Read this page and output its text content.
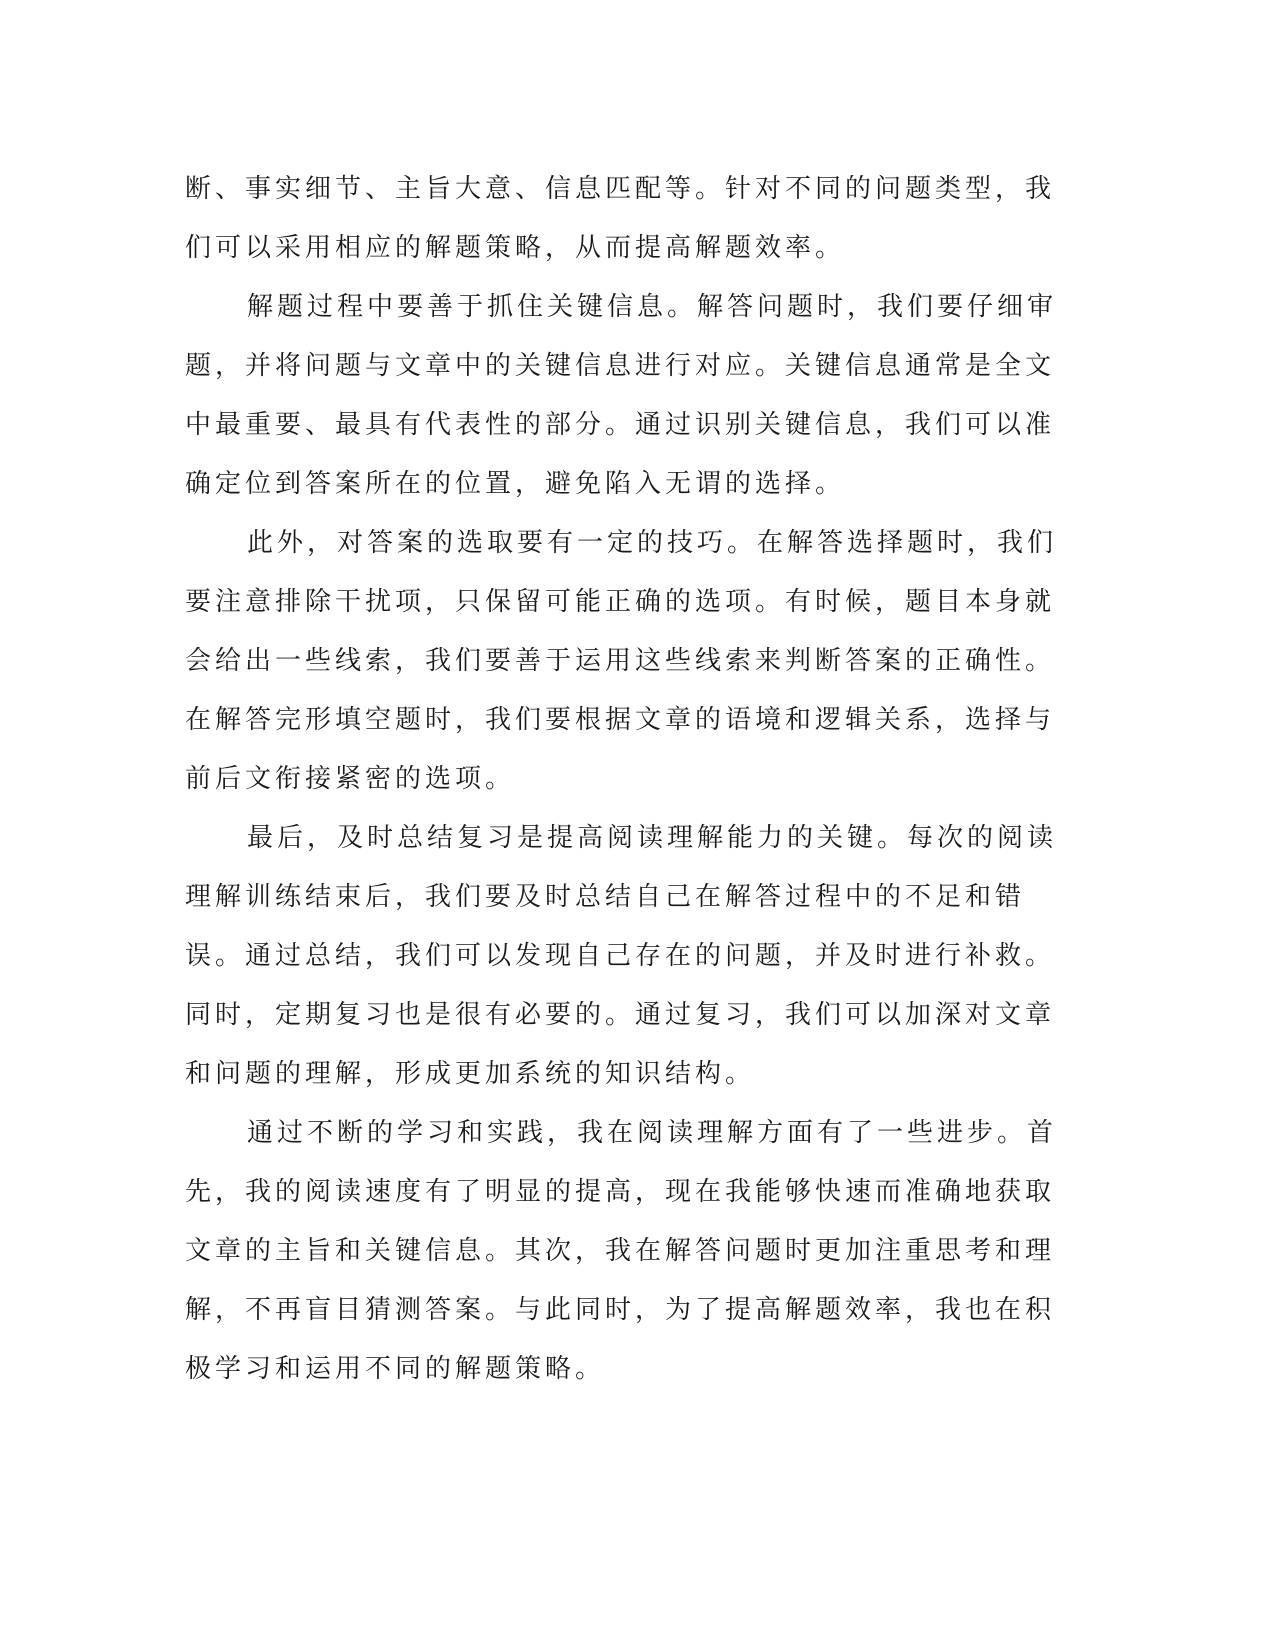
断、事实细节、主旨大意、信息匹配等。针对不同的问题类型，我们可以采用相应的解题策略，从而提高解题效率。

解题过程中要善于抓住关键信息。解答问题时，我们要仔细审题，并将问题与文章中的关键信息进行对应。关键信息通常是全文中最重要、最具有代表性的部分。通过识别关键信息，我们可以准确定位到答案所在的位置，避免陷入无谓的选择。

此外，对答案的选取要有一定的技巧。在解答选择题时，我们要注意排除干扰项，只保留可能正确的选项。有时候，题目本身就会给出一些线索，我们要善于运用这些线索来判断答案的正确性。在解答完形填空题时，我们要根据文章的语境和逻辑关系，选择与前后文衔接紧密的选项。

最后，及时总结复习是提高阅读理解能力的关键。每次的阅读理解训练结束后，我们要及时总结自己在解答过程中的不足和错误。通过总结，我们可以发现自己存在的问题，并及时进行补救。同时，定期复习也是很有必要的。通过复习，我们可以加深对文章和问题的理解，形成更加系统的知识结构。

通过不断的学习和实践，我在阅读理解方面有了一些进步。首先，我的阅读速度有了明显的提高，现在我能够快速而准确地获取文章的主旨和关键信息。其次，我在解答问题时更加注重思考和理解，不再盲目猜测答案。与此同时，为了提高解题效率，我也在积极学习和运用不同的解题策略。
